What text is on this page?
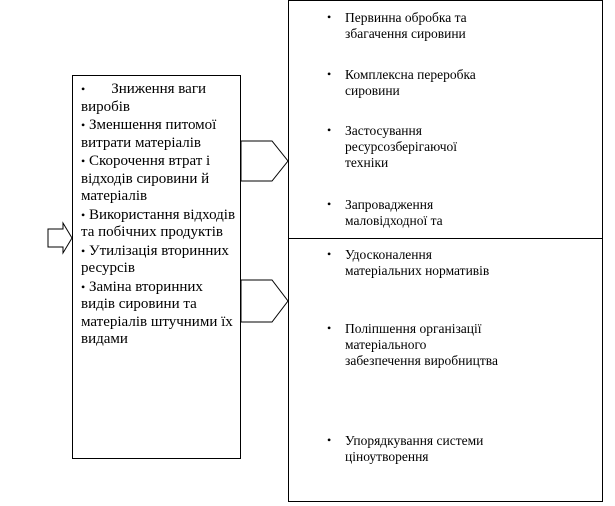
• Зниження ваги виробів
• Зменшення питомої витрати матеріалів
• Скорочення втрат і відходів сировини й матеріалів
• Використання відходів та побічних продуктів
• Утилізація вторинних ресурсів
• Заміна вторинних видів сировини та матеріалів штучними їх видами
•	Первинна обробка та збагачення сировини
•	Комплексна переробка сировини
•	Застосування ресурсозберігаючої техніки
•	Запровадження маловідходної та
•	Удосконалення матеріальних нормативів
•	Поліпшення організації матеріального забезпечення виробництва
•	Упорядкування системи ціноутворення
